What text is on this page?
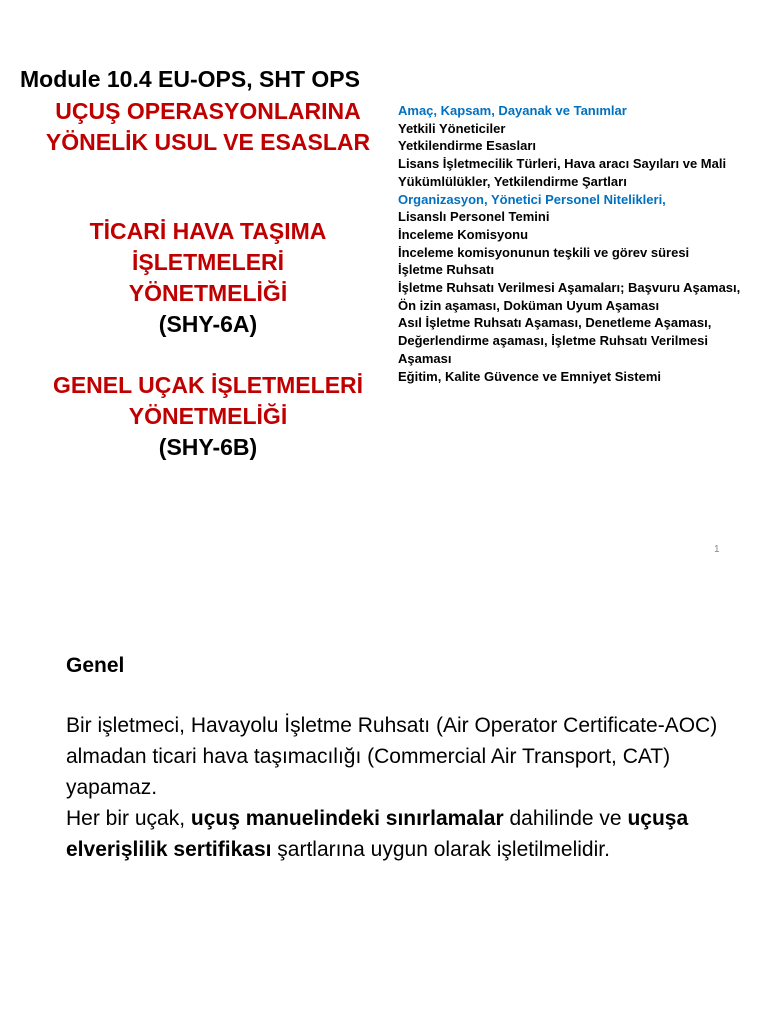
Module 10.4 EU-OPS, SHT OPS
UÇUŞ OPERASYONLARINA
YÖNELİK USUL VE ESASLAR
TİCARİ HAVA TAŞIMA
İŞLETMELERİ
YÖNETMELİĞİ
(SHY-6A)
GENEL UÇAK İŞLETMELERİ
YÖNETMELİĞİ
(SHY-6B)
Amaç, Kapsam, Dayanak ve Tanımlar
Yetkili Yöneticiler
Yetkilendirme Esasları
Lisans İşletmecilik Türleri, Hava aracı Sayıları ve Mali Yükümlülükler, Yetkilendirme Şartları
Organizasyon, Yönetici Personel Nitelikleri,
Lisanslı Personel Temini
İnceleme Komisyonu
İnceleme komisyonunun teşkili ve görev süresi
İşletme Ruhsatı
İşletme Ruhsatı Verilmesi Aşamaları; Başvuru Aşaması, Ön izin aşaması, Doküman Uyum Aşaması
Asıl İşletme Ruhsatı Aşaması, Denetleme Aşaması, Değerlendirme aşaması, İşletme Ruhsatı Verilmesi Aşaması
Eğitim, Kalite Güvence ve Emniyet Sistemi
1
Genel
Bir işletmeci, Havayolu İşletme Ruhsatı (Air Operator Certificate-AOC) almadan ticari hava taşımacılığı (Commercial Air Transport, CAT) yapamaz.
Her bir uçak, uçuş manuelindeki sınırlamalar dahilinde ve uçuşa elverişlilik sertifikası şartlarına uygun olarak işletilmelidir.
